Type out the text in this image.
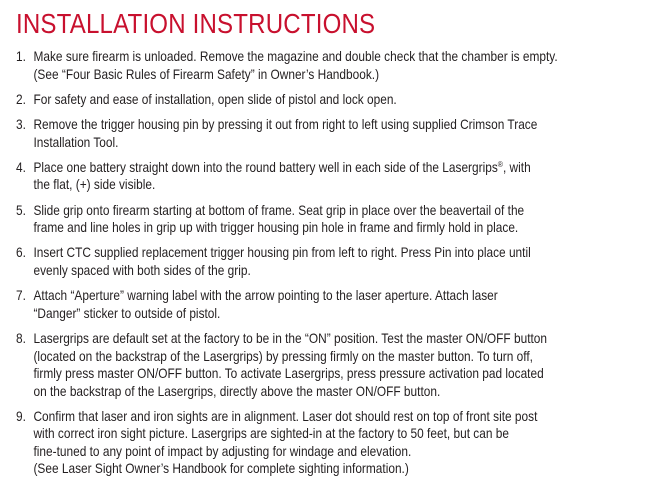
INSTALLATION INSTRUCTIONS
1. Make sure firearm is unloaded. Remove the magazine and double check that the chamber is empty.
(See “Four Basic Rules of Firearm Safety” in Owner’s Handbook.)
2. For safety and ease of installation, open slide of pistol and lock open.
3. Remove the trigger housing pin by pressing it out from right to left using supplied Crimson Trace
Installation Tool.
4. Place one battery straight down into the round battery well in each side of the Lasergrips®, with
the flat, (+) side visible.
5. Slide grip onto firearm starting at bottom of frame. Seat grip in place over the beavertail of the
frame and line holes in grip up with trigger housing pin hole in frame and firmly hold in place.
6. Insert CTC supplied replacement trigger housing pin from left to right. Press Pin into place until
evenly spaced with both sides of the grip.
7. Attach “Aperture” warning label with the arrow pointing to the laser aperture. Attach laser
“Danger” sticker to outside of pistol.
8. Lasergrips are default set at the factory to be in the “ON” position. Test the master ON/OFF button
(located on the backstrap of the Lasergrips) by pressing firmly on the master button. To turn off,
firmly press master ON/OFF button. To activate Lasergrips, press pressure activation pad located
on the backstrap of the Lasergrips, directly above the master ON/OFF button.
9. Confirm that laser and iron sights are in alignment. Laser dot should rest on top of front site post
with correct iron sight picture. Lasergrips are sighted-in at the factory to 50 feet, but can be
fine-tuned to any point of impact by adjusting for windage and elevation.
(See Laser Sight Owner’s Handbook for complete sighting information.)
